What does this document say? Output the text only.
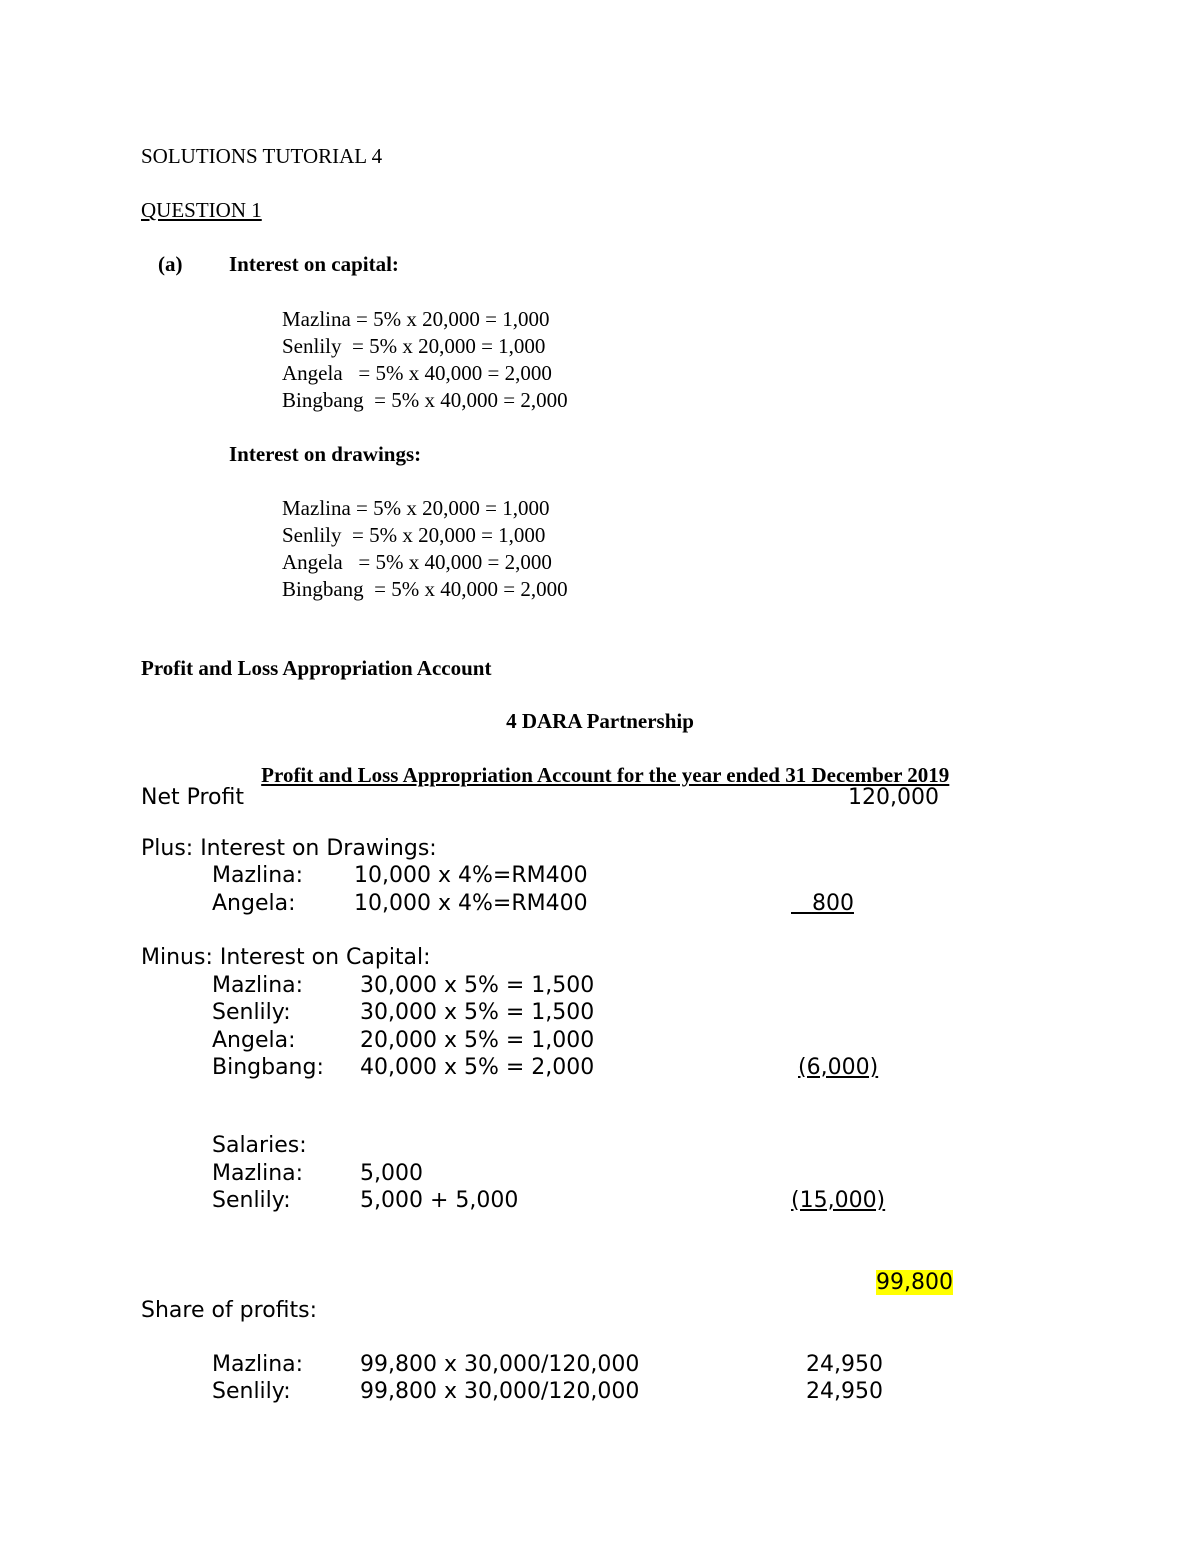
SOLUTIONS TUTORIAL 4
QUESTION 1
(a) Interest on capital:
Mazlina = 5% x 20,000 = 1,000
Senlily  = 5% x 20,000 = 1,000
Angela   = 5% x 40,000 = 2,000
Bingbang  = 5% x 40,000 = 2,000
Interest on drawings:
Mazlina = 5% x 20,000 = 1,000
Senlily  = 5% x 20,000 = 1,000
Angela   = 5% x 40,000 = 2,000
Bingbang  = 5% x 40,000 = 2,000
Profit and Loss Appropriation Account
4 DARA Partnership

Profit and Loss Appropriation Account for the year ended 31 December 2019

Net Profit	120,000
Plus: Interest on Drawings:
Mazlina: 10,000 x 4%=RM400
Angela:	10,000 x 4%=RM400	800
Minus: Interest on Capital:
Mazlina:	30,000 x 5% = 1,500
Senlily:	30,000 x 5% = 1,500
Angela:	20,000 x 5% = 1,000
Bingbang: 40,000 x 5% = 2,000	(6,000)
Salaries:
Mazlina:	5,000
Senlily:	5,000 + 5,000	(15,000)

99,800

Share of profits:
Mazlina:	99,800 x 30,000/120,000	24,950
Senlily:	99,800 x 30,000/120,000	24,950
